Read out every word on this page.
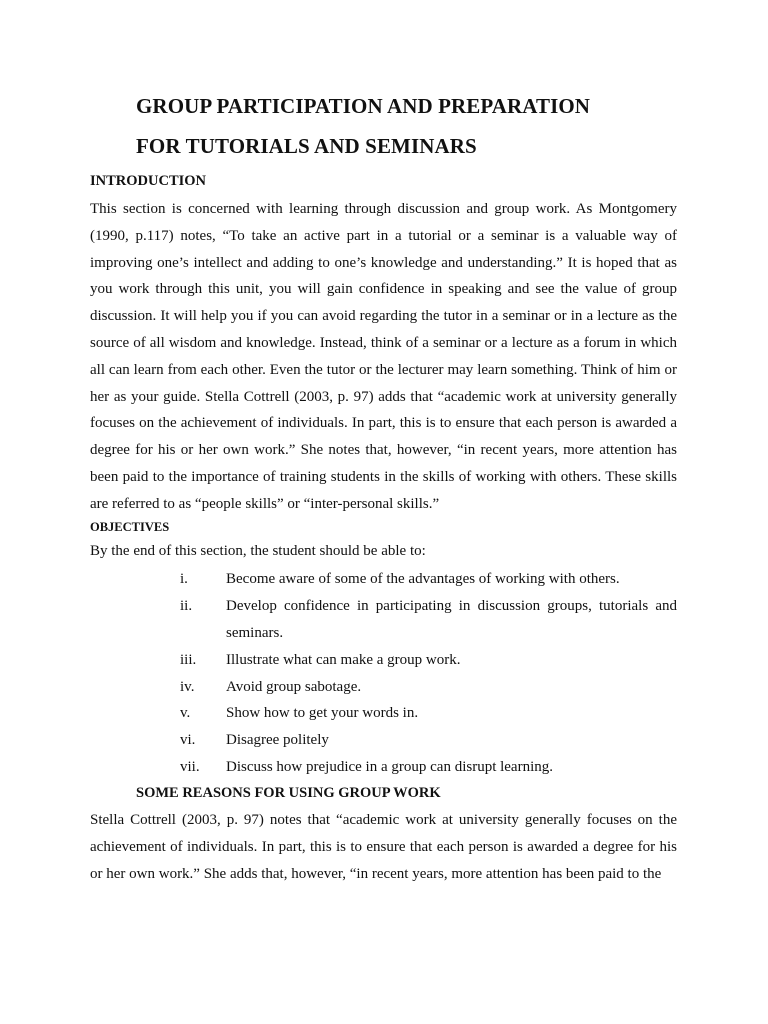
GROUP PARTICIPATION AND PREPARATION
FOR TUTORIALS AND SEMINARS
INTRODUCTION
This section is concerned with learning through discussion and group work. As Montgomery (1990, p.117) notes, “To take an active part in a tutorial or a seminar is a valuable way of improving one’s intellect and adding to one’s knowledge and understanding.” It is hoped that as you work through this unit, you will gain confidence in speaking and see the value of group discussion. It will help you if you can avoid regarding the tutor in a seminar or in a lecture as the source of all wisdom and knowledge. Instead, think of a seminar or a lecture as a forum in which all can learn from each other. Even the tutor or the lecturer may learn something. Think of him or her as your guide. Stella Cottrell (2003, p. 97) adds that “academic work at university generally focuses on the achievement of individuals. In part, this is to ensure that each person is awarded a degree for his or her own work.” She notes that, however, “in recent years, more attention has been paid to the importance of training students in the skills of working with others. These skills are referred to as “people skills” or “inter-personal skills.”
OBJECTIVES
By the end of this section, the student should be able to:
i.	Become aware of some of the advantages of working with others.
ii.	Develop confidence in participating in discussion groups, tutorials and seminars.
iii.	Illustrate what can make a group work.
iv.	Avoid group sabotage.
v.	Show how to get your words in.
vi.	Disagree politely
vii.	Discuss how prejudice in a group can disrupt learning.
SOME REASONS FOR USING GROUP WORK
Stella Cottrell (2003, p. 97) notes that “academic work at university generally focuses on the achievement of individuals. In part, this is to ensure that each person is awarded a degree for his or her own work.” She adds that, however, “in recent years, more attention has been paid to the
